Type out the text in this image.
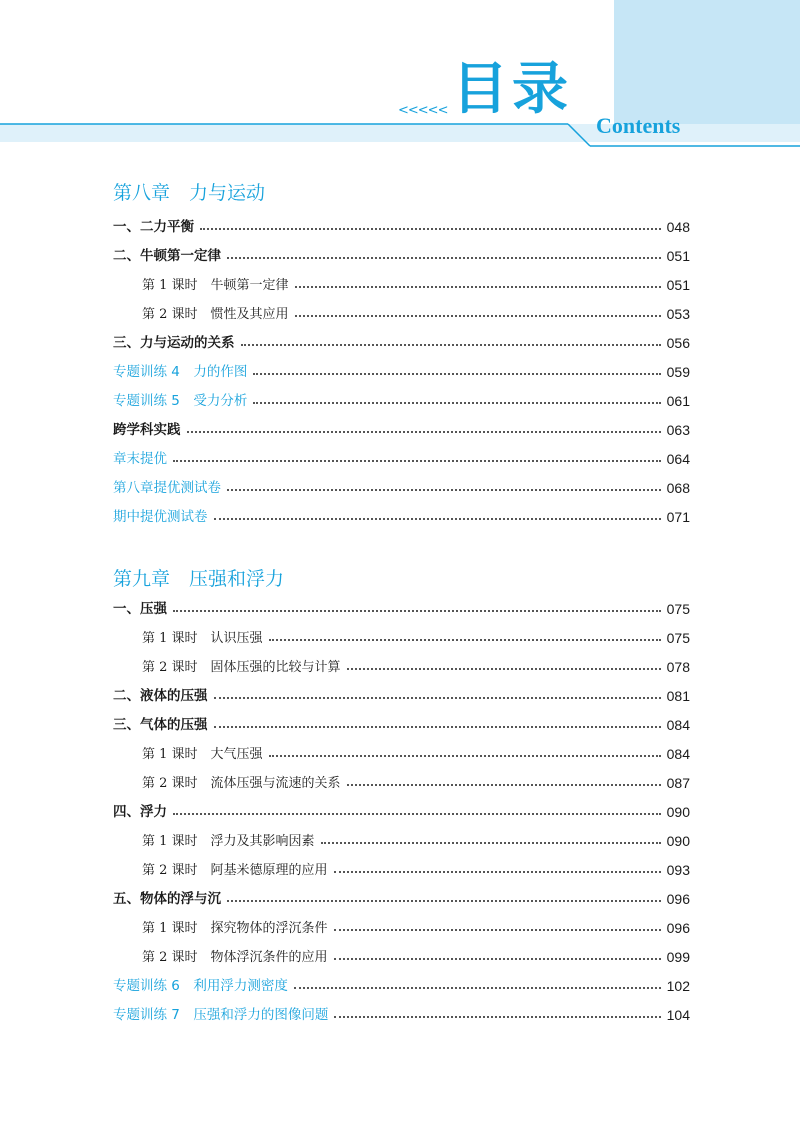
<<<<< 目录
Contents
第八章　力与运动
一、二力平衡	048
二、牛顿第一定律	051
第 1 课时　牛顿第一定律	051
第 2 课时　惯性及其应用	053
三、力与运动的关系	056
专题训练 4　力的作图	059
专题训练 5　受力分析	061
跨学科实践	063
章末提优	064
第八章提优测试卷	068
期中提优测试卷	071
第九章　压强和浮力
一、压强	075
第 1 课时　认识压强	075
第 2 课时　固体压强的比较与计算	078
二、液体的压强	081
三、气体的压强	084
第 1 课时　大气压强	084
第 2 课时　流体压强与流速的关系	087
四、浮力	090
第 1 课时　浮力及其影响因素	090
第 2 课时　阿基米德原理的应用	093
五、物体的浮与沉	096
第 1 课时　探究物体的浮沉条件	096
第 2 课时　物体浮沉条件的应用	099
专题训练 6　利用浮力测密度	102
专题训练 7　压强和浮力的图像问题	104
